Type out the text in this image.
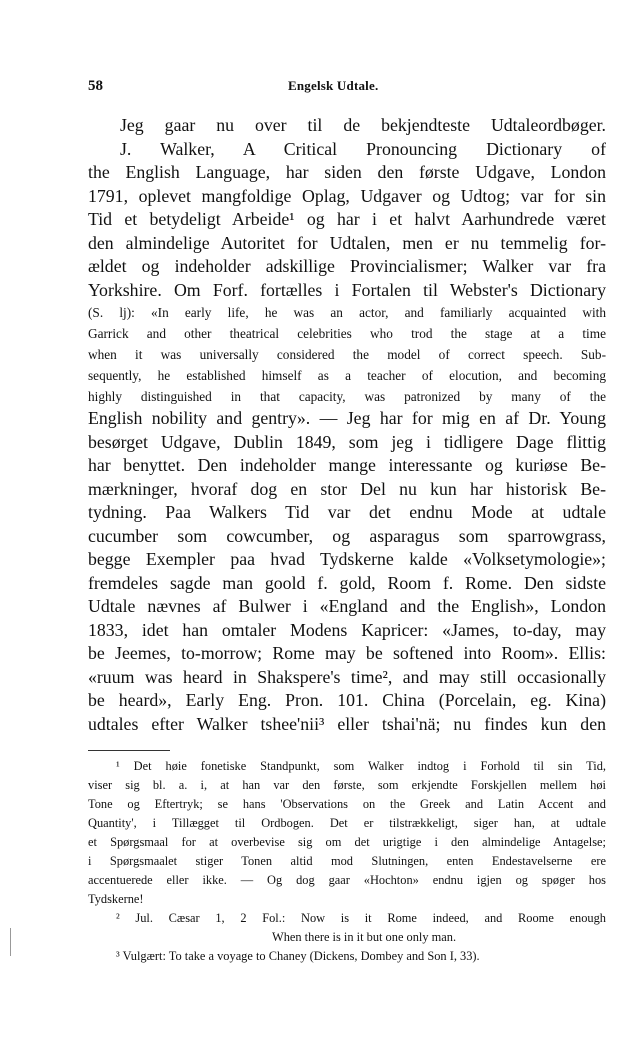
58	Engelsk Udtale.
Jeg gaar nu over til de bekjendteste Udtaleordbøger.
J. Walker, A Critical Pronouncing Dictionary of
the English Language, har siden den første Udgave, London
1791, oplevet mangfoldige Oplag, Udgaver og Udtog; var for sin
Tid et betydeligt Arbeide¹ og har i et halvt Aarhundrede været
den almindelige Autoritet for Udtalen, men er nu temmelig for-
ældet og indeholder adskillige Provincialismer; Walker var fra
Yorkshire. Om Forf. fortælles i Fortalen til Webster's Dictionary
(S. lj): «In early life, he was an actor, and familiarly acquainted with
Garrick and other theatrical celebrities who trod the stage at a time
when it was universally considered the model of correct speech. Sub-
sequently, he established himself as a teacher of elocution, and becoming
highly distinguished in that capacity, was patronized by many of the
English nobility and gentry». — Jeg har for mig en af Dr. Young
besørget Udgave, Dublin 1849, som jeg i tidligere Dage flittig
har benyttet. Den indeholder mange interessante og kuriøse Be-
mærkninger, hvoraf dog en stor Del nu kun har historisk Be-
tydning. Paa Walkers Tid var det endnu Mode at udtale
cucumber som cowcumber, og asparagus som sparrowgrass,
begge Exempler paa hvad Tydskerne kalde «Volksetymologie»;
fremdeles sagde man goold f. gold, Room f. Rome. Den sidste
Udtale nævnes af Bulwer i «England and the English», London
1833, idet han omtaler Modens Kapricer: «James, to-day, may
be Jeemes, to-morrow; Rome may be softened into Room». Ellis:
«ruum was heard in Shakspere's time², and may still occasionally
be heard», Early Eng. Pron. 101. China (Porcelain, eg. Kina)
udtales efter Walker tshee'nii³ eller tshai'nä; nu findes kun den
¹ Det høie fonetiske Standpunkt, som Walker indtog i Forhold til sin Tid,
viser sig bl. a. i, at han var den første, som erkjendte Forskjellen mellem høi
Tone og Eftertryk; se hans 'Observations on the Greek and Latin Accent and
Quantity', i Tillægget til Ordbogen. Det er tilstrækkeligt, siger han, at udtale
et Spørgsmaal for at overbevise sig om det urigtige i den almindelige Antagelse;
i Spørgsmaalet stiger Tonen altid mod Slutningen, enten Endestavelserne ere
accentuerede eller ikke. — Og dog gaar «Hochton» endnu igjen og spøger hos
Tydskerne!
² Jul. Cæsar 1, 2 Fol.: Now is it Rome indeed, and Roome enough
When there is in it but one only man.
³ Vulgært: To take a voyage to Chaney (Dickens, Dombey and Son I, 33).
